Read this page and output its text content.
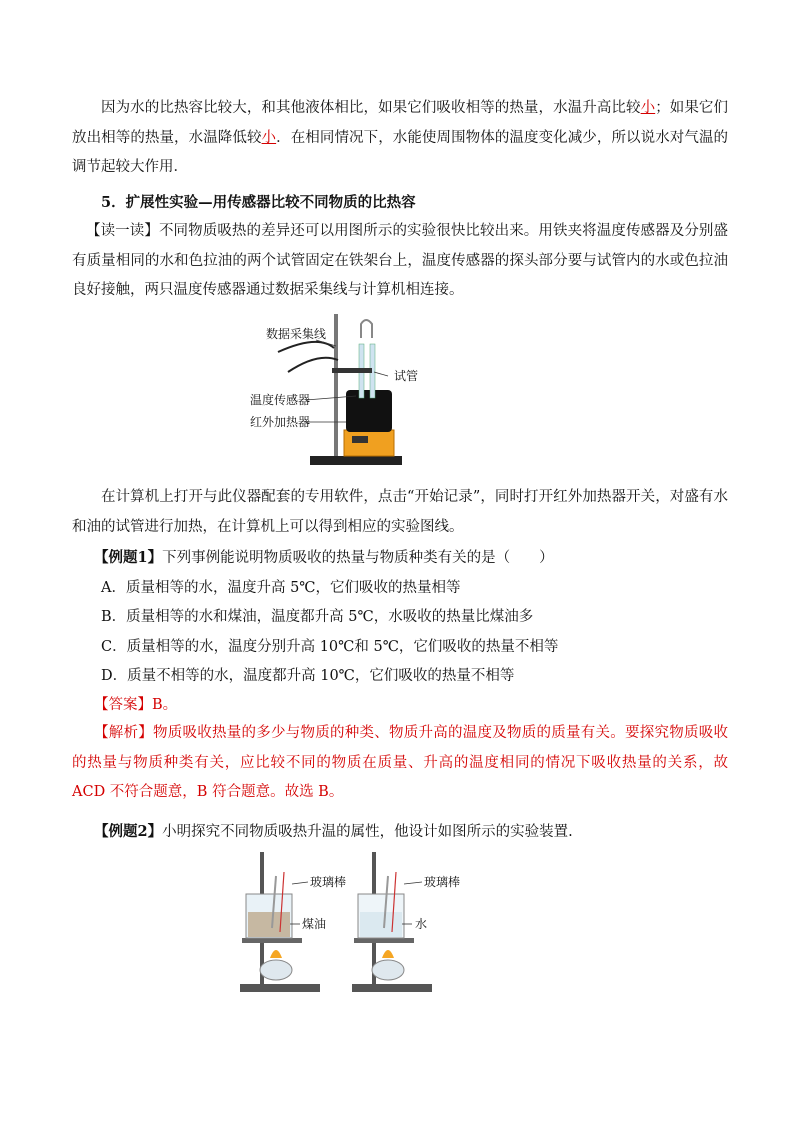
因为水的比热容比较大，和其他液体相比，如果它们吸收相等的热量，水温升高比较小；如果它们放出相等的热量，水温降低较小．在相同情况下，水能使周围物体的温度变化减少，所以说水对气温的调节起较大作用．

5．扩展性实验—用传感器比较不同物质的比热容

【读一读】不同物质吸热的差异还可以用图所示的实验很快比较出来。用铁夹将温度传感器及分别盛有质量相同的水和色拉油的两个试管固定在铁架台上，温度传感器的探头部分要与试管内的水或色拉油良好接触，两只温度传感器通过数据采集线与计算机相连接。

数据采集线
试管
温度传感器
红外加热器

在计算机上打开与此仪器配套的专用软件，点击“开始记录”，同时打开红外加热器开关，对盛有水和油的试管进行加热，在计算机上可以得到相应的实验图线。

【例题1】下列事例能说明物质吸收的热量与物质种类有关的是（　　）
A．质量相等的水，温度升高 5℃，它们吸收的热量相等
B．质量相等的水和煤油，温度都升高 5℃，水吸收的热量比煤油多
C．质量相等的水，温度分别升高 10℃和 5℃，它们吸收的热量不相等
D．质量不相等的水，温度都升高 10℃，它们吸收的热量不相等
【答案】B。

【解析】物质吸收热量的多少与物质的种类、物质升高的温度及物质的质量有关。要探究物质吸收的热量与物质种类有关，应比较不同的物质在质量、升高的温度相同的情况下吸收热量的关系，故 ACD 不符合题意，B 符合题意。故选 B。

【例题2】小明探究不同物质吸热升温的属性，他设计如图所示的实验装置.
玻璃棒
煤油
玻璃棒
水
